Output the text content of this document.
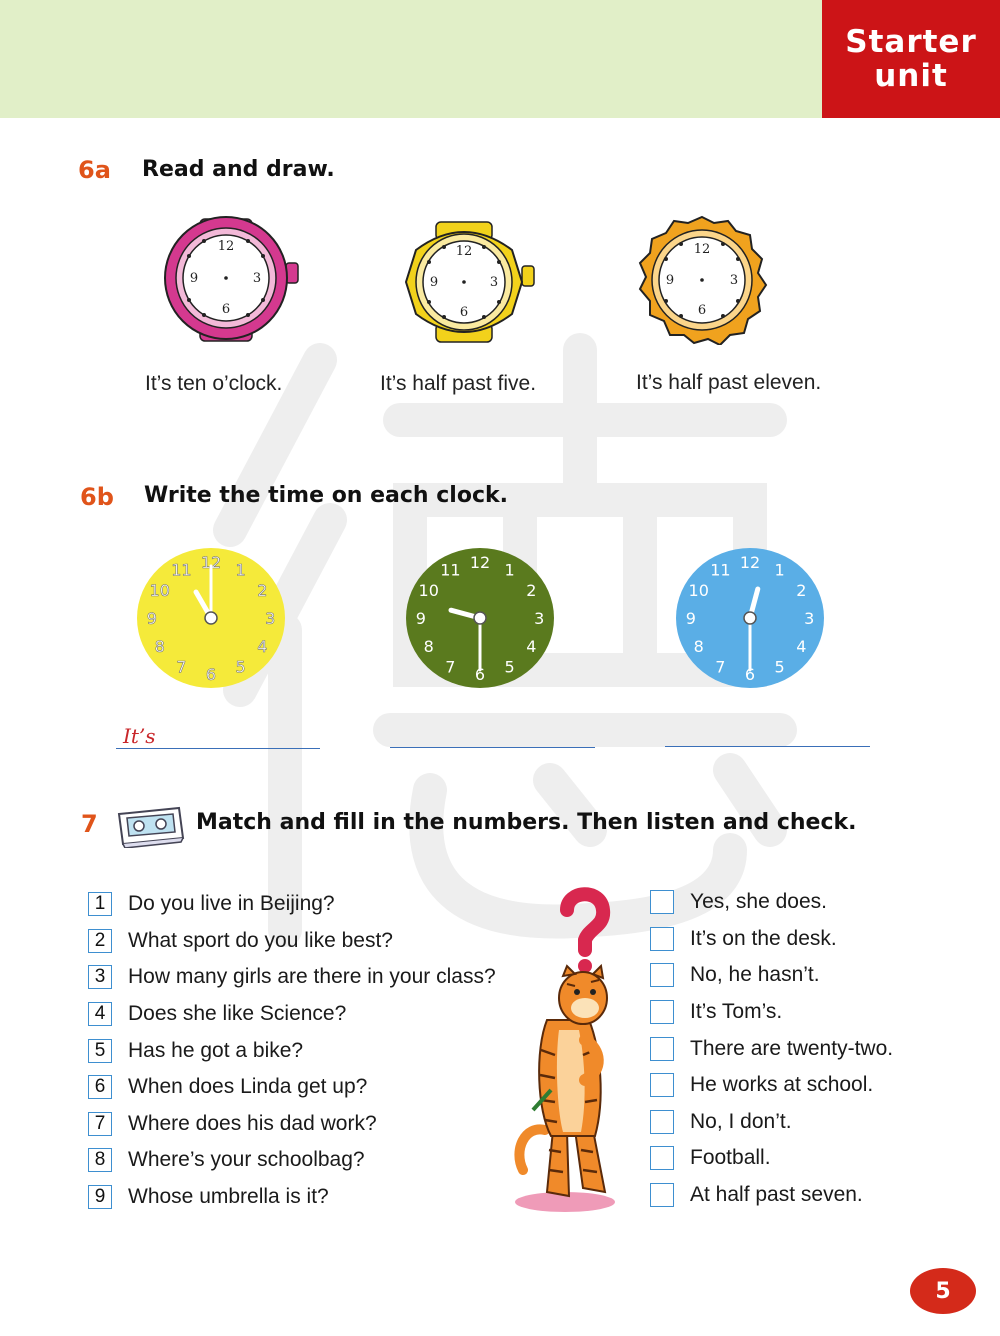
Starter
unit
6a Read and draw.
12
3
6
9
12
3
6
9
12
3
6
9
It’s ten o’clock.	It’s half past five.	It’s half past eleven.
6b Write the time on each clock.
12 1
2
3
4
5
6
7
8
9
10
11	12 1
2
3
4
5
6
7
8
9
10
11	12 1
2
3
4
5
6
7
8
9
10
11
It’s
7	Match and fill in the numbers. Then listen and check.
1	Do you live in Beijing?
2	What sport do you like best?
3	How many girls are there in your class?
4	Does she like Science?
5	Has he got a bike?
6	When does Linda get up?
7	Where does his dad work?
8	Where’s your schoolbag?
9	Whose umbrella is it?
Yes, she does.
It’s on the desk.
No, he hasn’t.
It’s Tom’s.
There are twenty-two.
He works at school.
No, I don’t.
Football.
At half past seven.
5
